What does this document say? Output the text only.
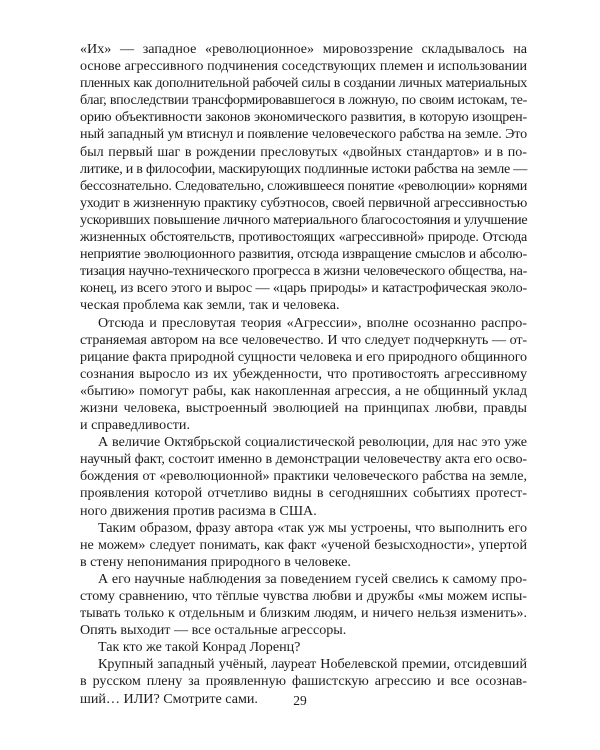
«Их» — западное «революционное» мировоззрение складывалось на
основе агрессивного подчинения соседствующих племен и использовании
пленных как дополнительной рабочей силы в создании личных материальных
благ, впоследствии трансформировавшегося в ложную, по своим истокам, те-
орию объективности законов экономического развития, в которую изощрен-
ный западный ум втиснул и появление человеческого рабства на земле. Это
был первый шаг в рождении пресловутых «двойных стандартов» и в по-
литике, и в философии, маскирующих подлинные истоки рабства на земле —
бессознательно. Следовательно, сложившееся понятие «революции» корнями
уходит в жизненную практику субэтносов, своей первичной агрессивностью
ускоривших повышение личного материального благосостояния и улучшение
жизненных обстоятельств, противостоящих «агрессивной» природе. Отсюда
неприятие эволюционного развития, отсюда извращение смыслов и абсолю-
тизация научно-технического прогресса в жизни человеческого общества, на-
конец, из всего этого и вырос — «царь природы» и катастрофическая эколо-
ческая проблема как земли, так и человека.
Отсюда и пресловутая теория «Агрессии», вполне осознанно распро-
страняемая автором на все человечество. И что следует подчеркнуть — от-
рицание факта природной сущности человека и его природного общинного
сознания выросло из их убежденности, что противостоять агрессивному
«бытию» помогут рабы, как накопленная агрессия, а не общинный уклад
жизни человека, выстроенный эволюцией на принципах любви, правды
и справедливости.
А величие Октябрьской социалистической революции, для нас это уже
научный факт, состоит именно в демонстрации человечеству акта его осво-
бождения от «революционной» практики человеческого рабства на земле,
проявления которой отчетливо видны в сегодняшних событиях протест-
ного движения против расизма в США.
Таким образом, фразу автора «так уж мы устроены, что выполнить его
не можем» следует понимать, как факт «ученой безысходности», упертой
в стену непонимания природного в человеке.
А его научные наблюдения за поведением гусей свелись к самому про-
стому сравнению, что тёплые чувства любви и дружбы «мы можем испы-
тывать только к отдельным и близким людям, и ничего нельзя изменить».
Опять выходит — все остальные агрессоры.
Так кто же такой Конрад Лоренц?
Крупный западный учёный, лауреат Нобелевской премии, отсидевший
в русском плену за проявленную фашистскую агрессию и все осознав-
ший… ИЛИ? Смотрите сами.	29
